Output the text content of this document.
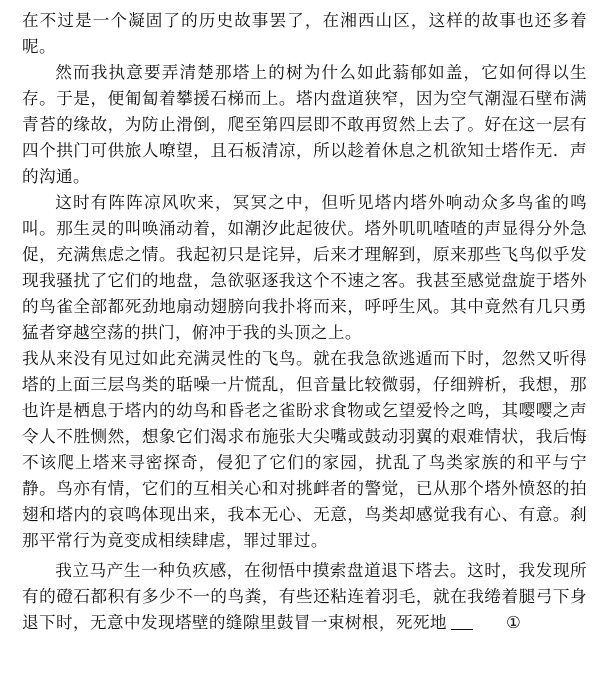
在不过是一个凝固了的历史故事罢了，在湘西山区，这样的故事也还多着呢。

然而我执意要弄清楚那塔上的树为什么如此蓊郁如盖，它如何得以生存。于是，便匍匐着攀援石梯而上。塔内盘道狭窄，因为空气潮湿石壁布满青苔的缘故，为防止滑倒，爬至第四层即不敢再贸然上去了。好在这一层有四个拱门可供旅人嘹望，且石板清凉，所以趁着休息之机欲知士塔作无．声的沟通。

这时有阵阵凉风吹来，冥冥之中，但听见塔内塔外响动众多鸟雀的鸣叫。那生灵的叫唤涌动着，如潮汐此起彼伏。塔外叽叽喳喳的声显得分外急促，充满焦虑之情。我起初只是诧异，后来才理解到，原来那些飞鸟似乎发现我骚扰了它们的地盘，急欲驱逐我这个不速之客。我甚至感觉盘旋于塔外的鸟雀全部都死劲地扇动翅膀向我扑将而来，呼呼生风。其中竟然有几只勇猛者穿越空荡的拱门，俯冲于我的头顶之上。

我从来没有见过如此充满灵性的飞鸟。就在我急欲逃遁而下时，忽然又听得塔的上面三层鸟类的聒噪一片慌乱，但音量比较微弱，仔细辨析，我想，那也许是栖息于塔内的幼鸟和昏老之雀盼求食物或乞望爱怜之鸣，其嘤嘤之声令人不胜恻然，想象它们渴求布施张大尖嘴或鼓动羽翼的艰难情状，我后悔不该爬上塔来寻密探奇，侵犯了它们的家园，扰乱了鸟类家族的和平与宁静。鸟亦有情，它们的互相关心和对挑衅者的警觉，已从那个塔外愤怒的拍翅和塔内的哀鸣体现出来，我本无心、无意，鸟类却感觉我有心、有意。刹那平常行为竟变成相续肆虐，罪过罪过。

我立马产生一种负疚感，在彻悟中摸索盘道退下塔去。这时，我发现所有的磴石都积有多少不一的鸟粪，有些还粘连着羽毛，就在我绻着腿弓下身退下时，无意中发现塔壁的缝隙里鼓冒一束树根，死死地	①
